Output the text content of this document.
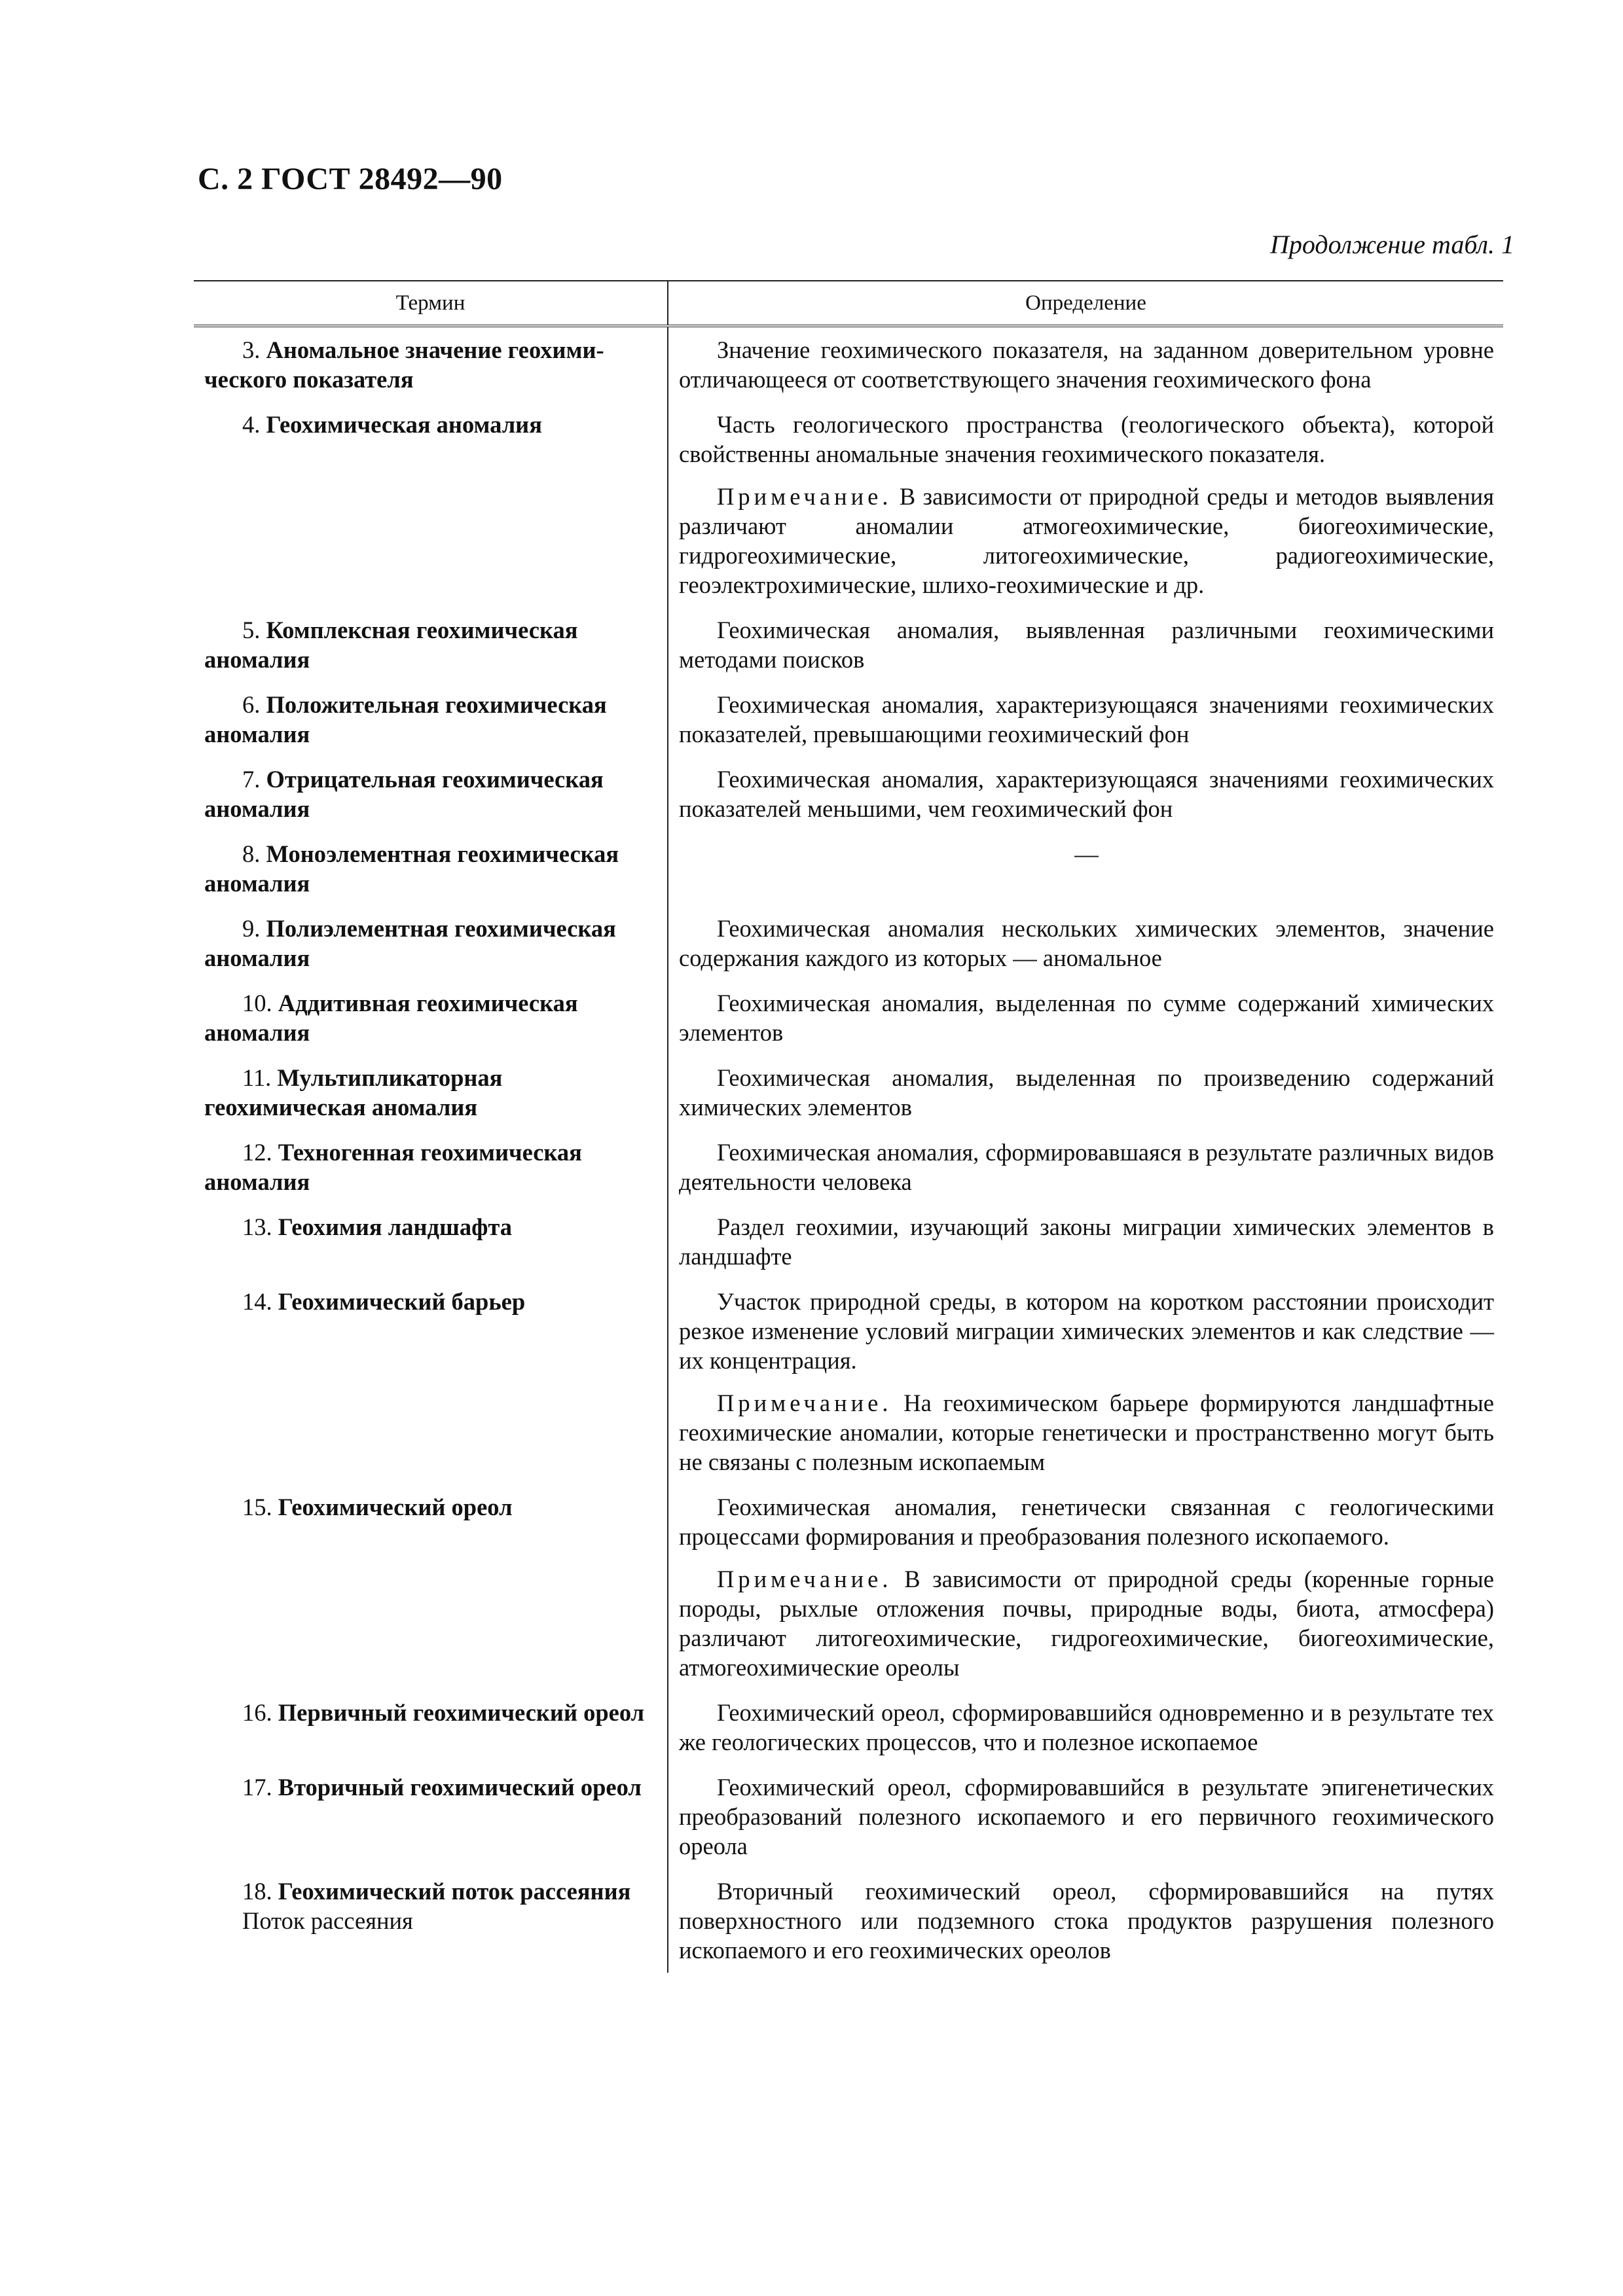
С. 2 ГОСТ 28492—90
Продолжение табл. 1
Термин	Определение

3. Аномальное значение геохимического показателя	Значение геохимического показателя, на заданном доверительном уровне отличающееся от соответствующего значения геохимического фона

4. Геохимическая аномалия	Часть геологического пространства (геологического объекта), которой свойственны аномальные значения геохимического показателя.

	Примечание. В зависимости от природной среды и методов выявления различают аномалии атмогеохимические, биогеохимические, гидрогеохимические, литогеохимические, радиогеохимические, геоэлектрохимические, шлихо-геохимические и др.

5. Комплексная геохимическая аномалия	Геохимическая аномалия, выявленная различными геохимическими методами поисков

6. Положительная геохимическая аномалия	Геохимическая аномалия, характеризующаяся значениями геохимических показателей, превышающими геохимический фон

7. Отрицательная геохимическая аномалия	Геохимическая аномалия, характеризующаяся значениями геохимических показателей меньшими, чем геохимический фон

8. Моноэлементная геохимическая аномалия	—

9. Полиэлементная геохимическая аномалия	Геохимическая аномалия нескольких химических элементов, значение содержания каждого из которых — аномальное

10. Аддитивная геохимическая аномалия	Геохимическая аномалия, выделенная по сумме содержаний химических элементов

11. Мультипликаторная геохимическая аномалия	Геохимическая аномалия, выделенная по произведению содержаний химических элементов

12. Техногенная геохимическая аномалия	Геохимическая аномалия, сформировавшаяся в результате различных видов деятельности человека

13. Геохимия ландшафта	Раздел геохимии, изучающий законы миграции химических элементов в ландшафте

14. Геохимический барьер	Участок природной среды, в котором на коротком расстоянии происходит резкое изменение условий миграции химических элементов и как следствие — их концентрация.

	Примечание. На геохимическом барьере формируются ландшафтные геохимические аномалии, которые генетически и пространственно могут быть не связаны с полезным ископаемым

15. Геохимический ореол	Геохимическая аномалия, генетически связанная с геологическими процессами формирования и преобразования полезного ископаемого.

	Примечание. В зависимости от природной среды (коренные горные породы, рыхлые отложения почвы, природные воды, биота, атмосфера) различают литогеохимические, гидрогеохимические, биогеохимические, атмогеохимические ореолы

16. Первичный геохимический ореол	Геохимический ореол, сформировавшийся одновременно и в результате тех же геологических процессов, что и полезное ископаемое

17. Вторичный геохимический ореол	Геохимический ореол, сформировавшийся в результате эпигенетических преобразований полезного ископаемого и его первичного геохимического ореола

18. Геохимический поток рассеяния
Поток рассеяния	Вторичный геохимический ореол, сформировавшийся на путях поверхностного или подземного стока продуктов разрушения полезного ископаемого и его геохимических ореолов
